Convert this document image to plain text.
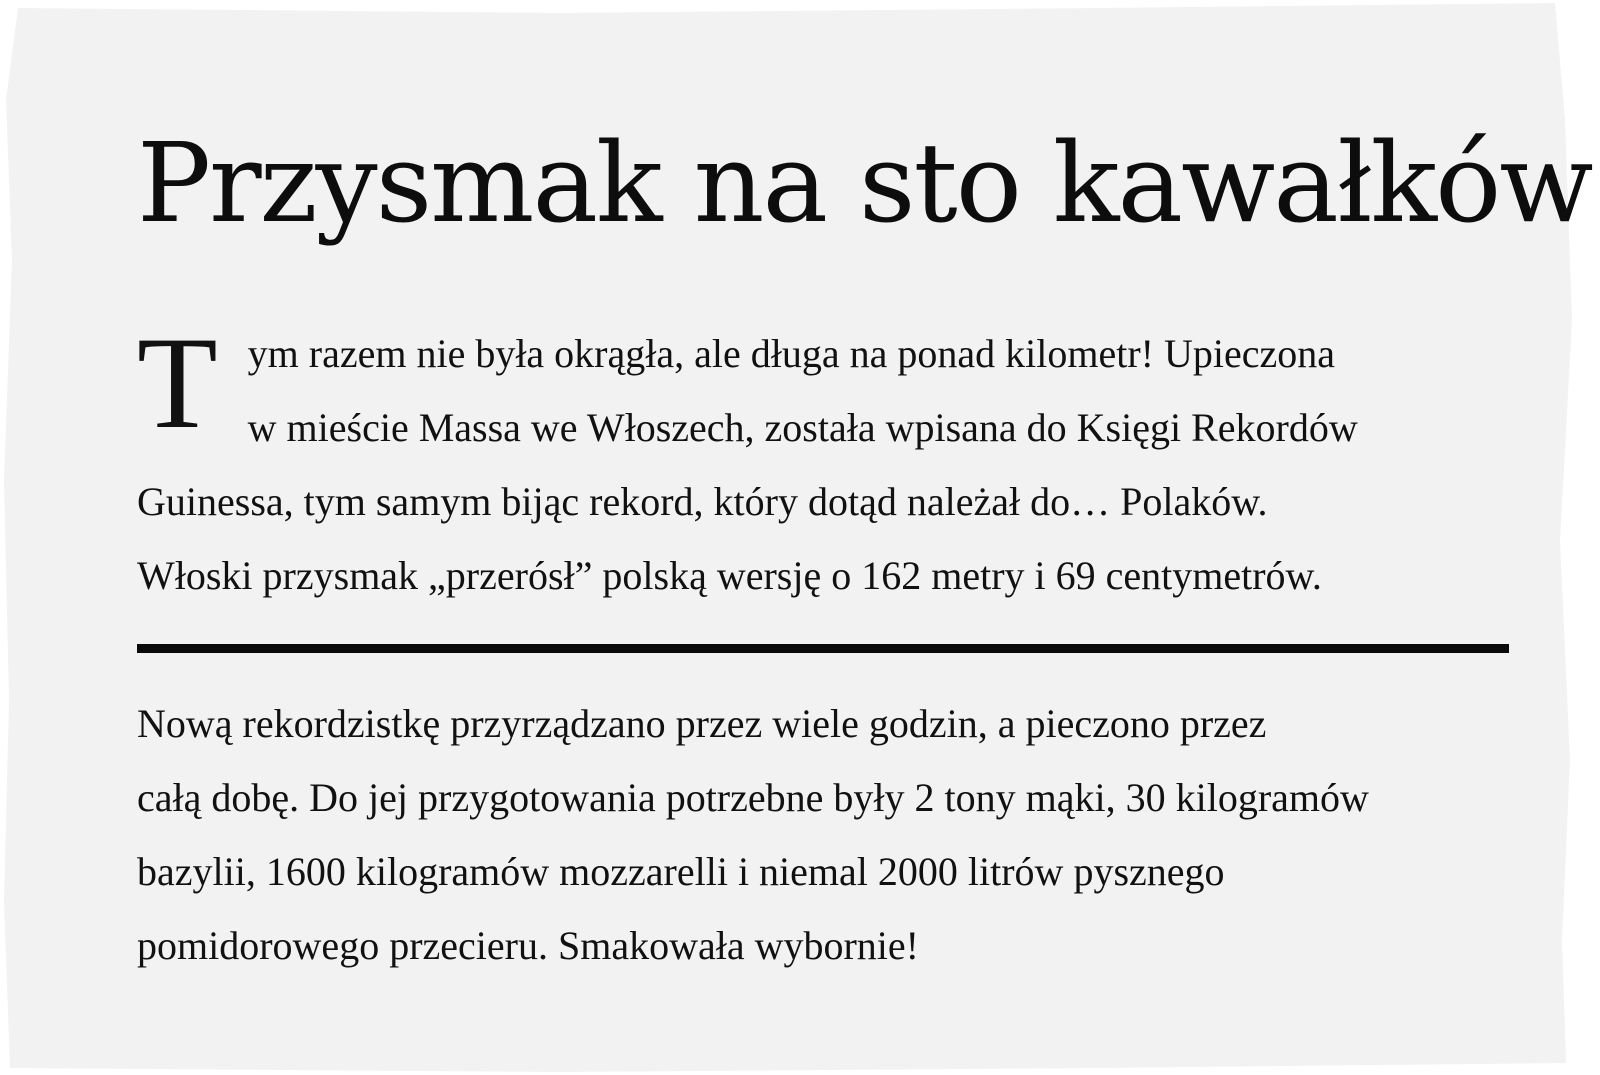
Przysmak na sto kawałków

Tym razem nie była okrągła, ale długa na ponad kilometr! Upieczona
w mieście Massa we Włoszech, została wpisana do Księgi Rekordów
Guinessa, tym samym bijąc rekord, który dotąd należał do… Polaków.
Włoski przysmak „przerósł” polską wersję o 162 metry i 69 centymetrów.

Nową rekordzistkę przyrządzano przez wiele godzin, a pieczono przez
całą dobę. Do jej przygotowania potrzebne były 2 tony mąki, 30 kilogramów
bazylii, 1600 kilogramów mozzarelli i niemal 2000 litrów pysznego
pomidorowego przecieru. Smakowała wybornie!
